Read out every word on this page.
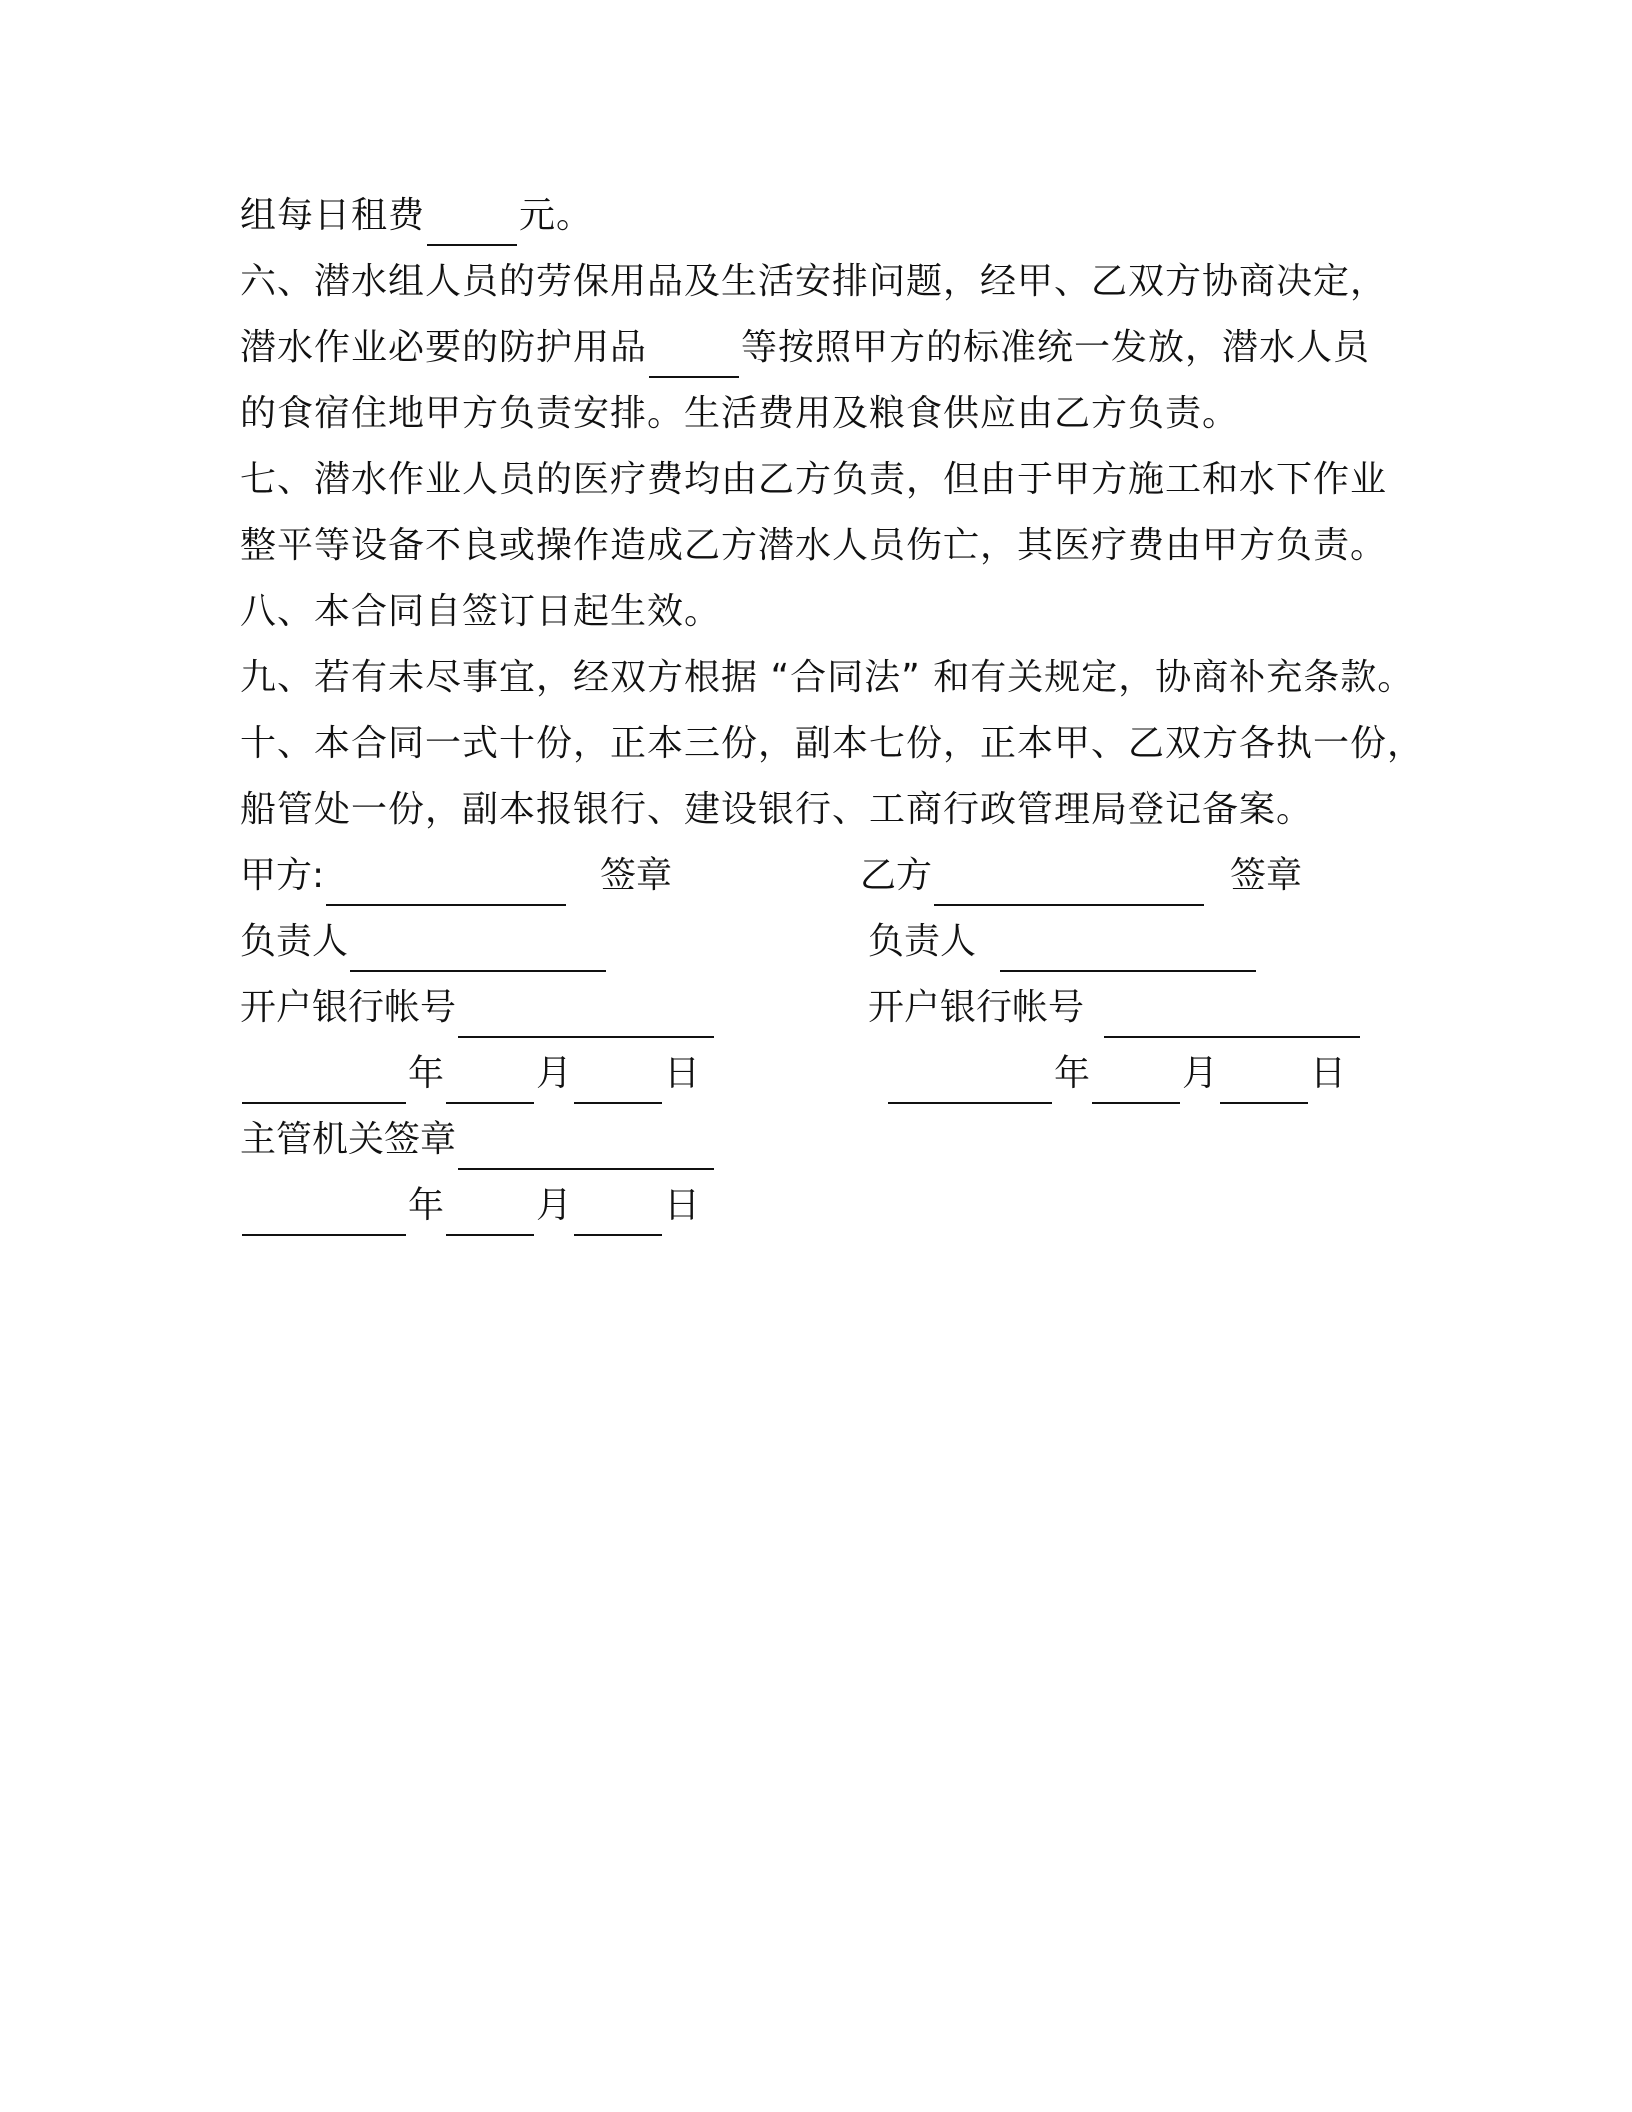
组每日租费	元。
六、潜水组人员的劳保用品及生活安排问题，经甲、乙双方协商决定，
潜水作业必要的防护用品	等按照甲方的标准统一发放，潜水人员
的食宿住地甲方负责安排。生活费用及粮食供应由乙方负责。
七、潜水作业人员的医疗费均由乙方负责，但由于甲方施工和水下作业
整平等设备不良或操作造成乙方潜水人员伤亡，其医疗费由甲方负责。
八、本合同自签订日起生效。
九、若有未尽事宜，经双方根据 “合同法” 和有关规定，协商补充条款。
十、本合同一式十份，正本三份，副本七份，正本甲、乙双方各执一份，
船管处一份，副本报银行、建设银行、工商行政管理局登记备案。
甲方:	签章	乙方	签章
负责人	负责人
开户银行帐号	开户银行帐号
年	月	日	年	月	日
主管机关签章
年	月	日
